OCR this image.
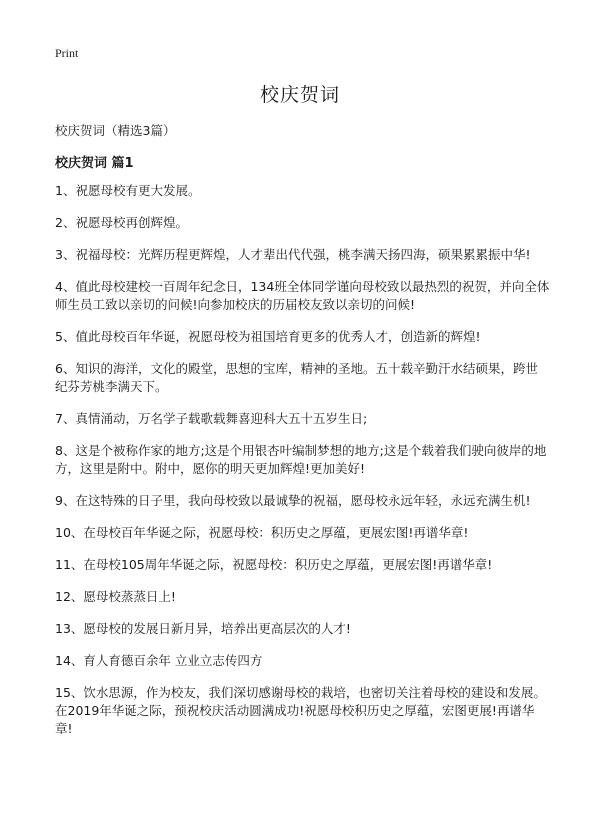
Print
校庆贺词

校庆贺词（精选3篇）

校庆贺词 篇1

1、祝愿母校有更大发展。
2、祝愿母校再创辉煌。
3、祝福母校：光辉历程更辉煌，人才辈出代代强，桃李满天扬四海，硕果累累振中华!
4、值此母校建校一百周年纪念日，134班全体同学谨向母校致以最热烈的祝贺，并向全体师生员工致以亲切的问候!向参加校庆的历届校友致以亲切的问候!
5、值此母校百年华诞，祝愿母校为祖国培育更多的优秀人才，创造新的辉煌!
6、知识的海洋，文化的殿堂，思想的宝库，精神的圣地。五十载辛勤汗水结硕果，跨世纪芬芳桃李满天下。
7、真情涌动，万名学子载歌载舞喜迎科大五十五岁生日;
8、这是个被称作家的地方;这是个用银杏叶编制梦想的地方;这是个载着我们驶向彼岸的地方，这里是附中。附中，愿你的明天更加辉煌!更加美好!
9、在这特殊的日子里，我向母校致以最诚挚的祝福，愿母校永远年轻，永远充满生机!
10、在母校百年华诞之际，祝愿母校：积历史之厚蕴，更展宏图!再谱华章!
11、在母校105周年华诞之际，祝愿母校：积历史之厚蕴，更展宏图!再谱华章!
12、愿母校蒸蒸日上!
13、愿母校的发展日新月异，培养出更高层次的人才!
14、育人育德百余年 立业立志传四方
15、饮水思源，作为校友，我们深切感谢母校的栽培，也密切关注着母校的建设和发展。在2019年华诞之际，预祝校庆活动圆满成功!祝愿母校积历史之厚蕴，宏图更展!再谱华章!
